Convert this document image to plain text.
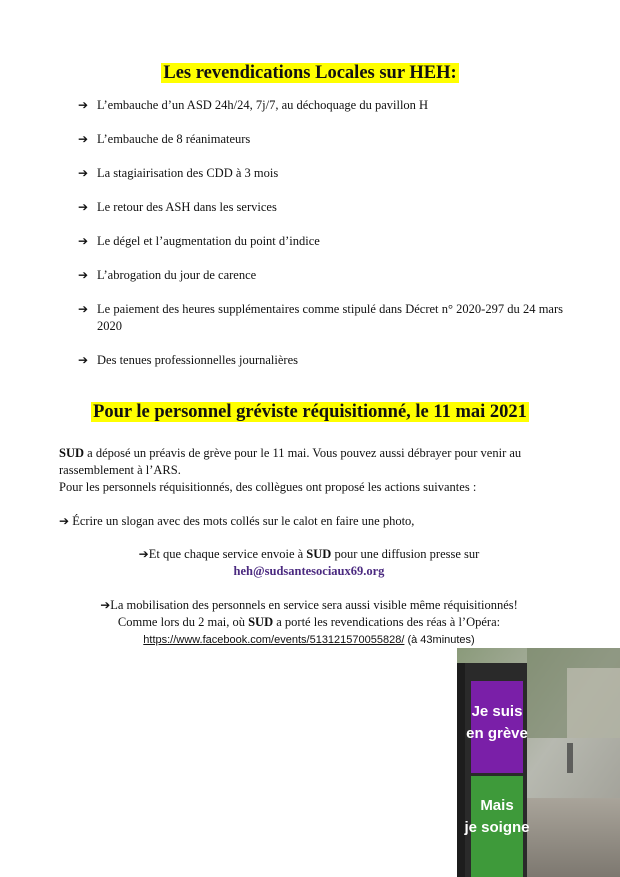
Les revendications Locales sur HEH:
➔ L’embauche d’un ASD 24h/24, 7j/7, au déchoquage du pavillon H
➔ L’embauche de 8 réanimateurs
➔ La stagiairisation des CDD à 3 mois
➔ Le retour des ASH dans les services
➔ Le dégel et l’augmentation du point d’indice
➔ L’abrogation du jour de carence
➔ Le paiement des heures supplémentaires comme stipulé dans Décret n° 2020-297 du 24 mars 2020
➔ Des tenues professionnelles journalières
Pour le personnel gréviste réquisitionné, le 11 mai 2021
SUD a déposé un préavis de grève pour le 11 mai. Vous pouvez aussi débrayer pour venir au rassemblement à l’ARS.
Pour les personnels réquisitionnés, des collègues ont proposé les actions suivantes :
➔ Écrire un slogan avec des mots collés sur le calot en faire une photo,
➔Et que chaque service envoie à SUD pour une diffusion presse sur
heh@sudsantesociaux69.org
➔La mobilisation des personnels en service sera aussi visible même réquisitionnés!
Comme lors du 2 mai, où SUD a porté les revendications des réas à l’Opéra:
https://www.facebook.com/events/513121570055828/ (à 43minutes)
Je suis
en grève
Mais
je soigne
